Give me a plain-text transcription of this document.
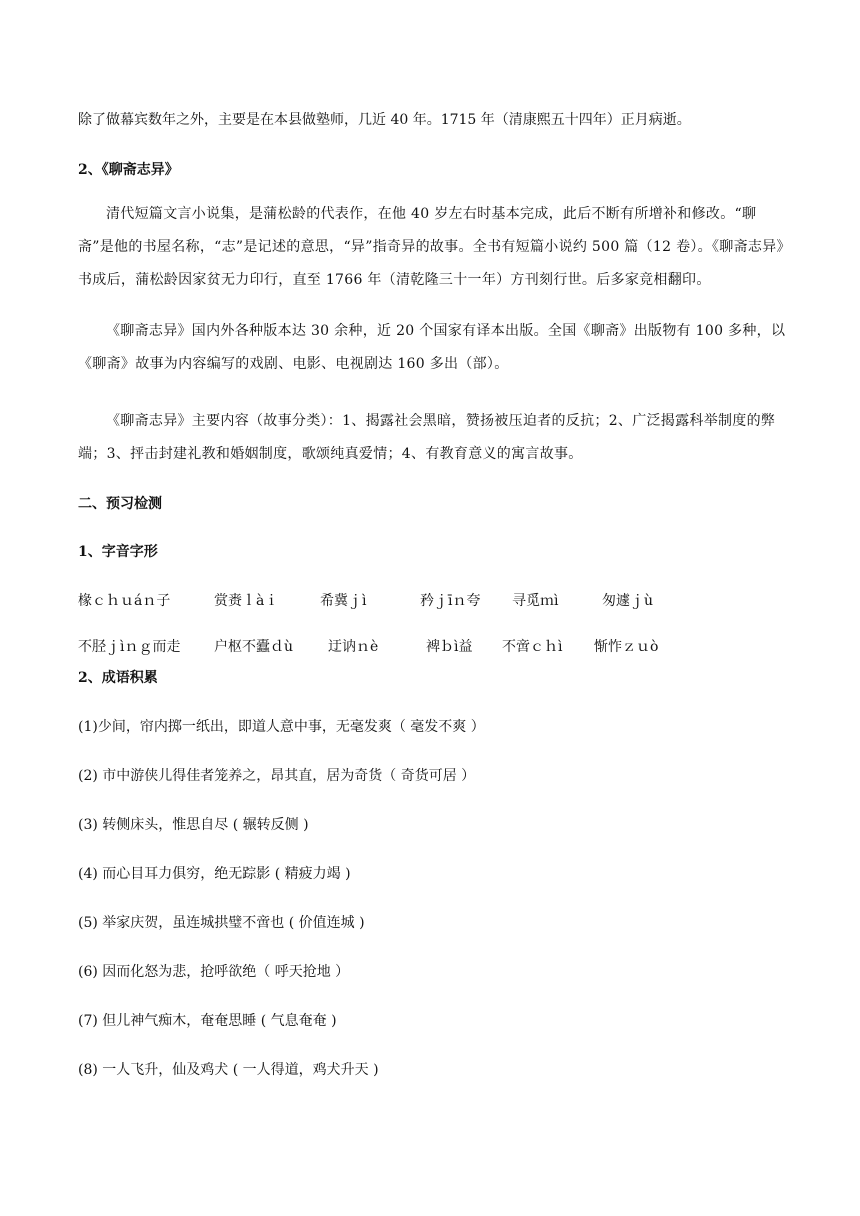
除了做幕宾数年之外，主要是在本县做塾师，几近 40 年。1715 年（清康熙五十四年）正月病逝。
2、《聊斋志异》
清代短篇文言小说集，是蒲松龄的代表作，在他 40 岁左右时基本完成，此后不断有所增补和修改。“聊斋”是他的书屋名称，“志”是记述的意思，“异”指奇异的故事。全书有短篇小说约 500 篇（12 卷）。《聊斋志异》书成后，蒲松龄因家贫无力印行，直至 1766 年（清乾隆三十一年）方刊刻行世。后多家竞相翻印。
《聊斋志异》国内外各种版本达 30 余种，近 20 个国家有译本出版。全国《聊斋》出版物有 100 多种，以《聊斋》故事为内容编写的戏剧、电影、电视剧达 160 多出（部）。
《聊斋志异》主要内容（故事分类）：1、揭露社会黑暗，赞扬被压迫者的反抗；2、广泛揭露科举制度的弊端；3、抨击封建礼教和婚姻制度，歌颂纯真爱情；4、有教育意义的寓言故事。
二、预习检测
1、字音字形
椽ｃｈｕáｎ子	赏赉ｌàｉ	希冀ｊì	矜ｊīｎ夸 寻觅ｍì	匆遽ｊù
不胫ｊìｎｇ而走 户枢不蠹ｄù 迂讷ｎè	裨ｂì益 不啻ｃｈì 惭怍ｚｕò
2、成语积累
(1)少间，帘内掷一纸出，即道人意中事，无毫发爽（ 毫发不爽 ）
(2) 市中游侠儿得佳者笼养之，昂其直，居为奇货（ 奇货可居 ）
(3) 转侧床头，惟思自尽 ( 辗转反侧 )
(4) 而心目耳力俱穷，绝无踪影 ( 精疲力竭 )
(5) 举家庆贺，虽连城拱璧不啻也 ( 价值连城 )
(6) 因而化怒为悲，抢呼欲绝（ 呼天抢地 ）
(7) 但儿神气痴木，奄奄思睡 ( 气息奄奄 )
(8) 一人飞升，仙及鸡犬 ( 一人得道，鸡犬升天 )
